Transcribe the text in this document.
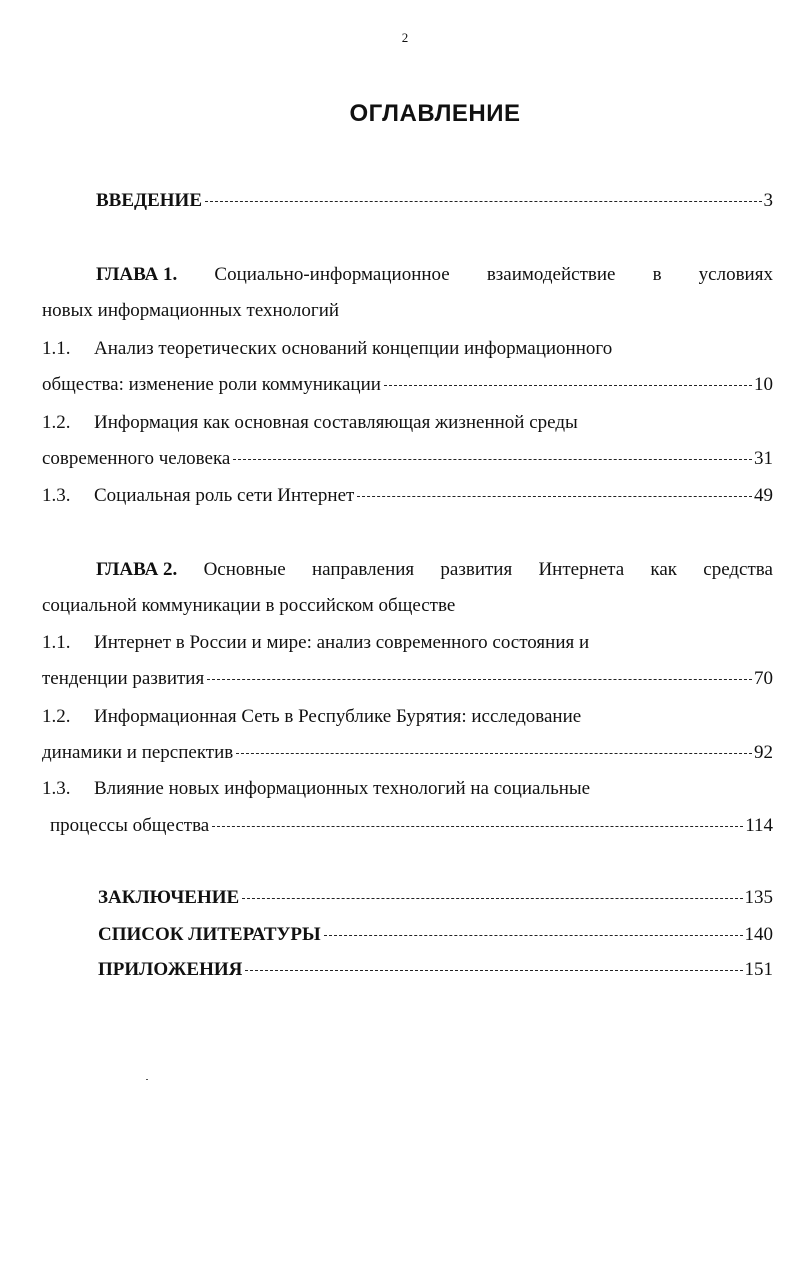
2
ОГЛАВЛЕНИЕ
ВВЕДЕНИЕ	3
ГЛАВА 1. Социально-информационное взаимодействие в условиях
новых информационных технологий
1.1. Анализ теоретических оснований концепции информационного
общества: изменение роли коммуникации	10
1.2. Информация как основная составляющая жизненной среды
современного человека	31
1.3.	Социальная роль сети Интернет	49
ГЛАВА 2. Основные направления развития Интернета как средства
социальной коммуникации в российском обществе
1.1. Интернет в России и мире: анализ современного состояния и
тенденции развития	70
1.2. Информационная Сеть в Республике Бурятия: исследование
динамики и перспектив	92
1.3. Влияние новых информационных технологий на социальные
процессы общества	114
ЗАКЛЮЧЕНИЕ	135
СПИСОК ЛИТЕРАТУРЫ	140
ПРИЛОЖЕНИЯ	151
